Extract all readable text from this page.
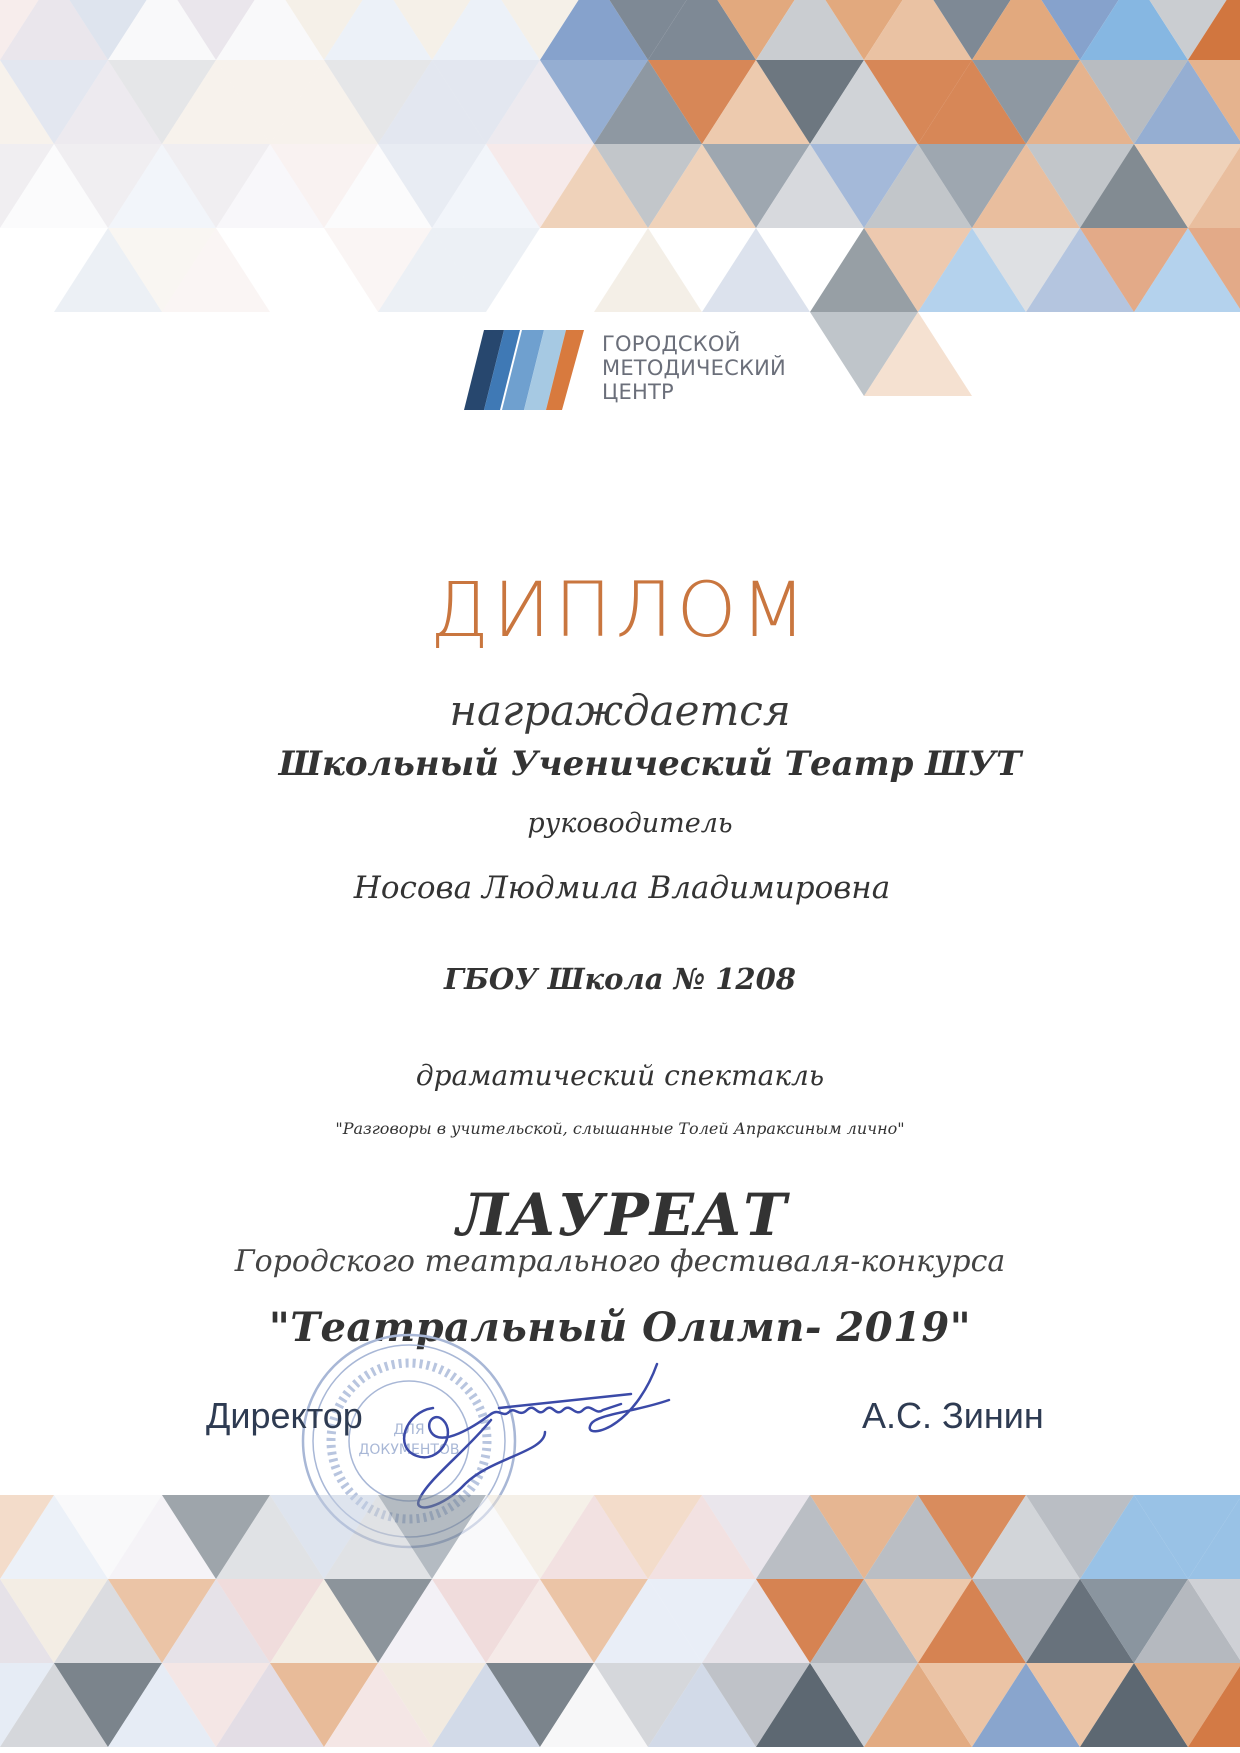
ГОРОДСКОЙ
МЕТОДИЧЕСКИЙ
ЦЕНТР
ДИПЛОМ
награждается
Школьный Ученический Театр ШУТ
руководитель
Носова Людмила Владимировна
ГБОУ Школа № 1208
драматический спектакль
"Разговоры в учительской, слышанные Толей Апраксиным лично"
ЛАУРЕАТ
Городского театрального фестиваля-конкурса
"Театральный Олимп- 2019"
ДЛЯ
ДОКУМЕНТОВ
Директор	А.С. Зинин
